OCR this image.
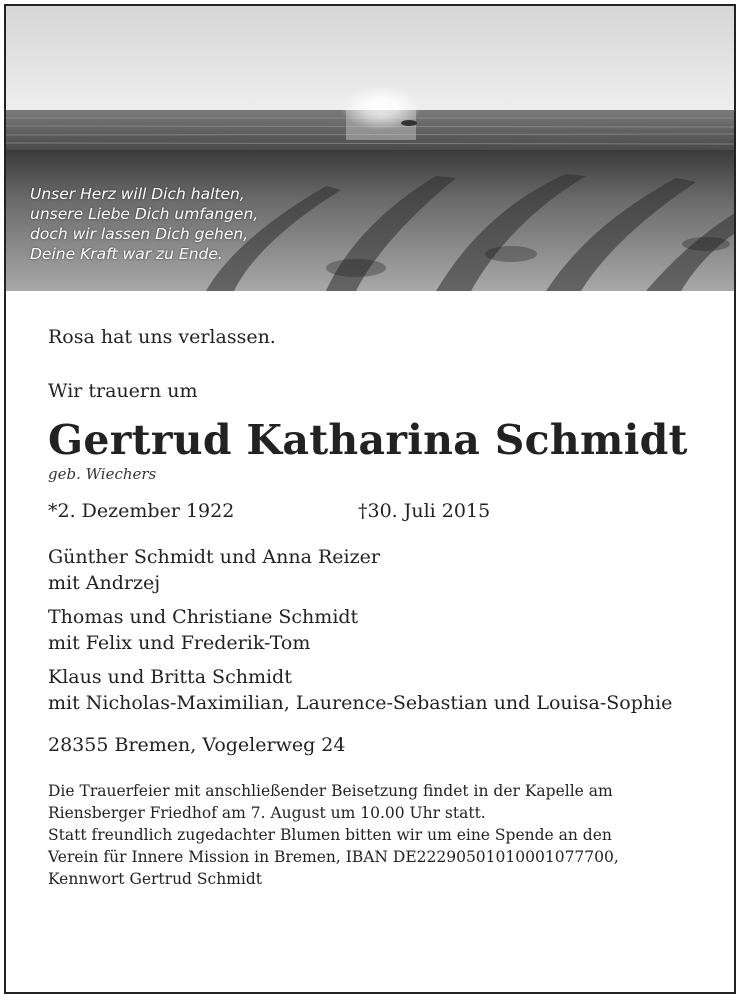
Unser Herz will Dich halten,
unsere Liebe Dich umfangen,
doch wir lassen Dich gehen,
Deine Kraft war zu Ende.
Rosa hat uns verlassen.
Wir trauern um
Gertrud Katharina Schmidt
geb. Wiechers
*2. Dezember 1922	†30. Juli 2015
Günther Schmidt und Anna Reizer
mit Andrzej
Thomas und Christiane Schmidt
mit Felix und Frederik-Tom
Klaus und Britta Schmidt
mit Nicholas-Maximilian, Laurence-Sebastian und Louisa-Sophie
28355 Bremen, Vogelerweg 24
Die Trauerfeier mit anschließender Beisetzung findet in der Kapelle am
Riensberger Friedhof am 7. August um 10.00 Uhr statt.
Statt freundlich zugedachter Blumen bitten wir um eine Spende an den
Verein für Innere Mission in Bremen, IBAN DE22290501010001077700,
Kennwort Gertrud Schmidt
